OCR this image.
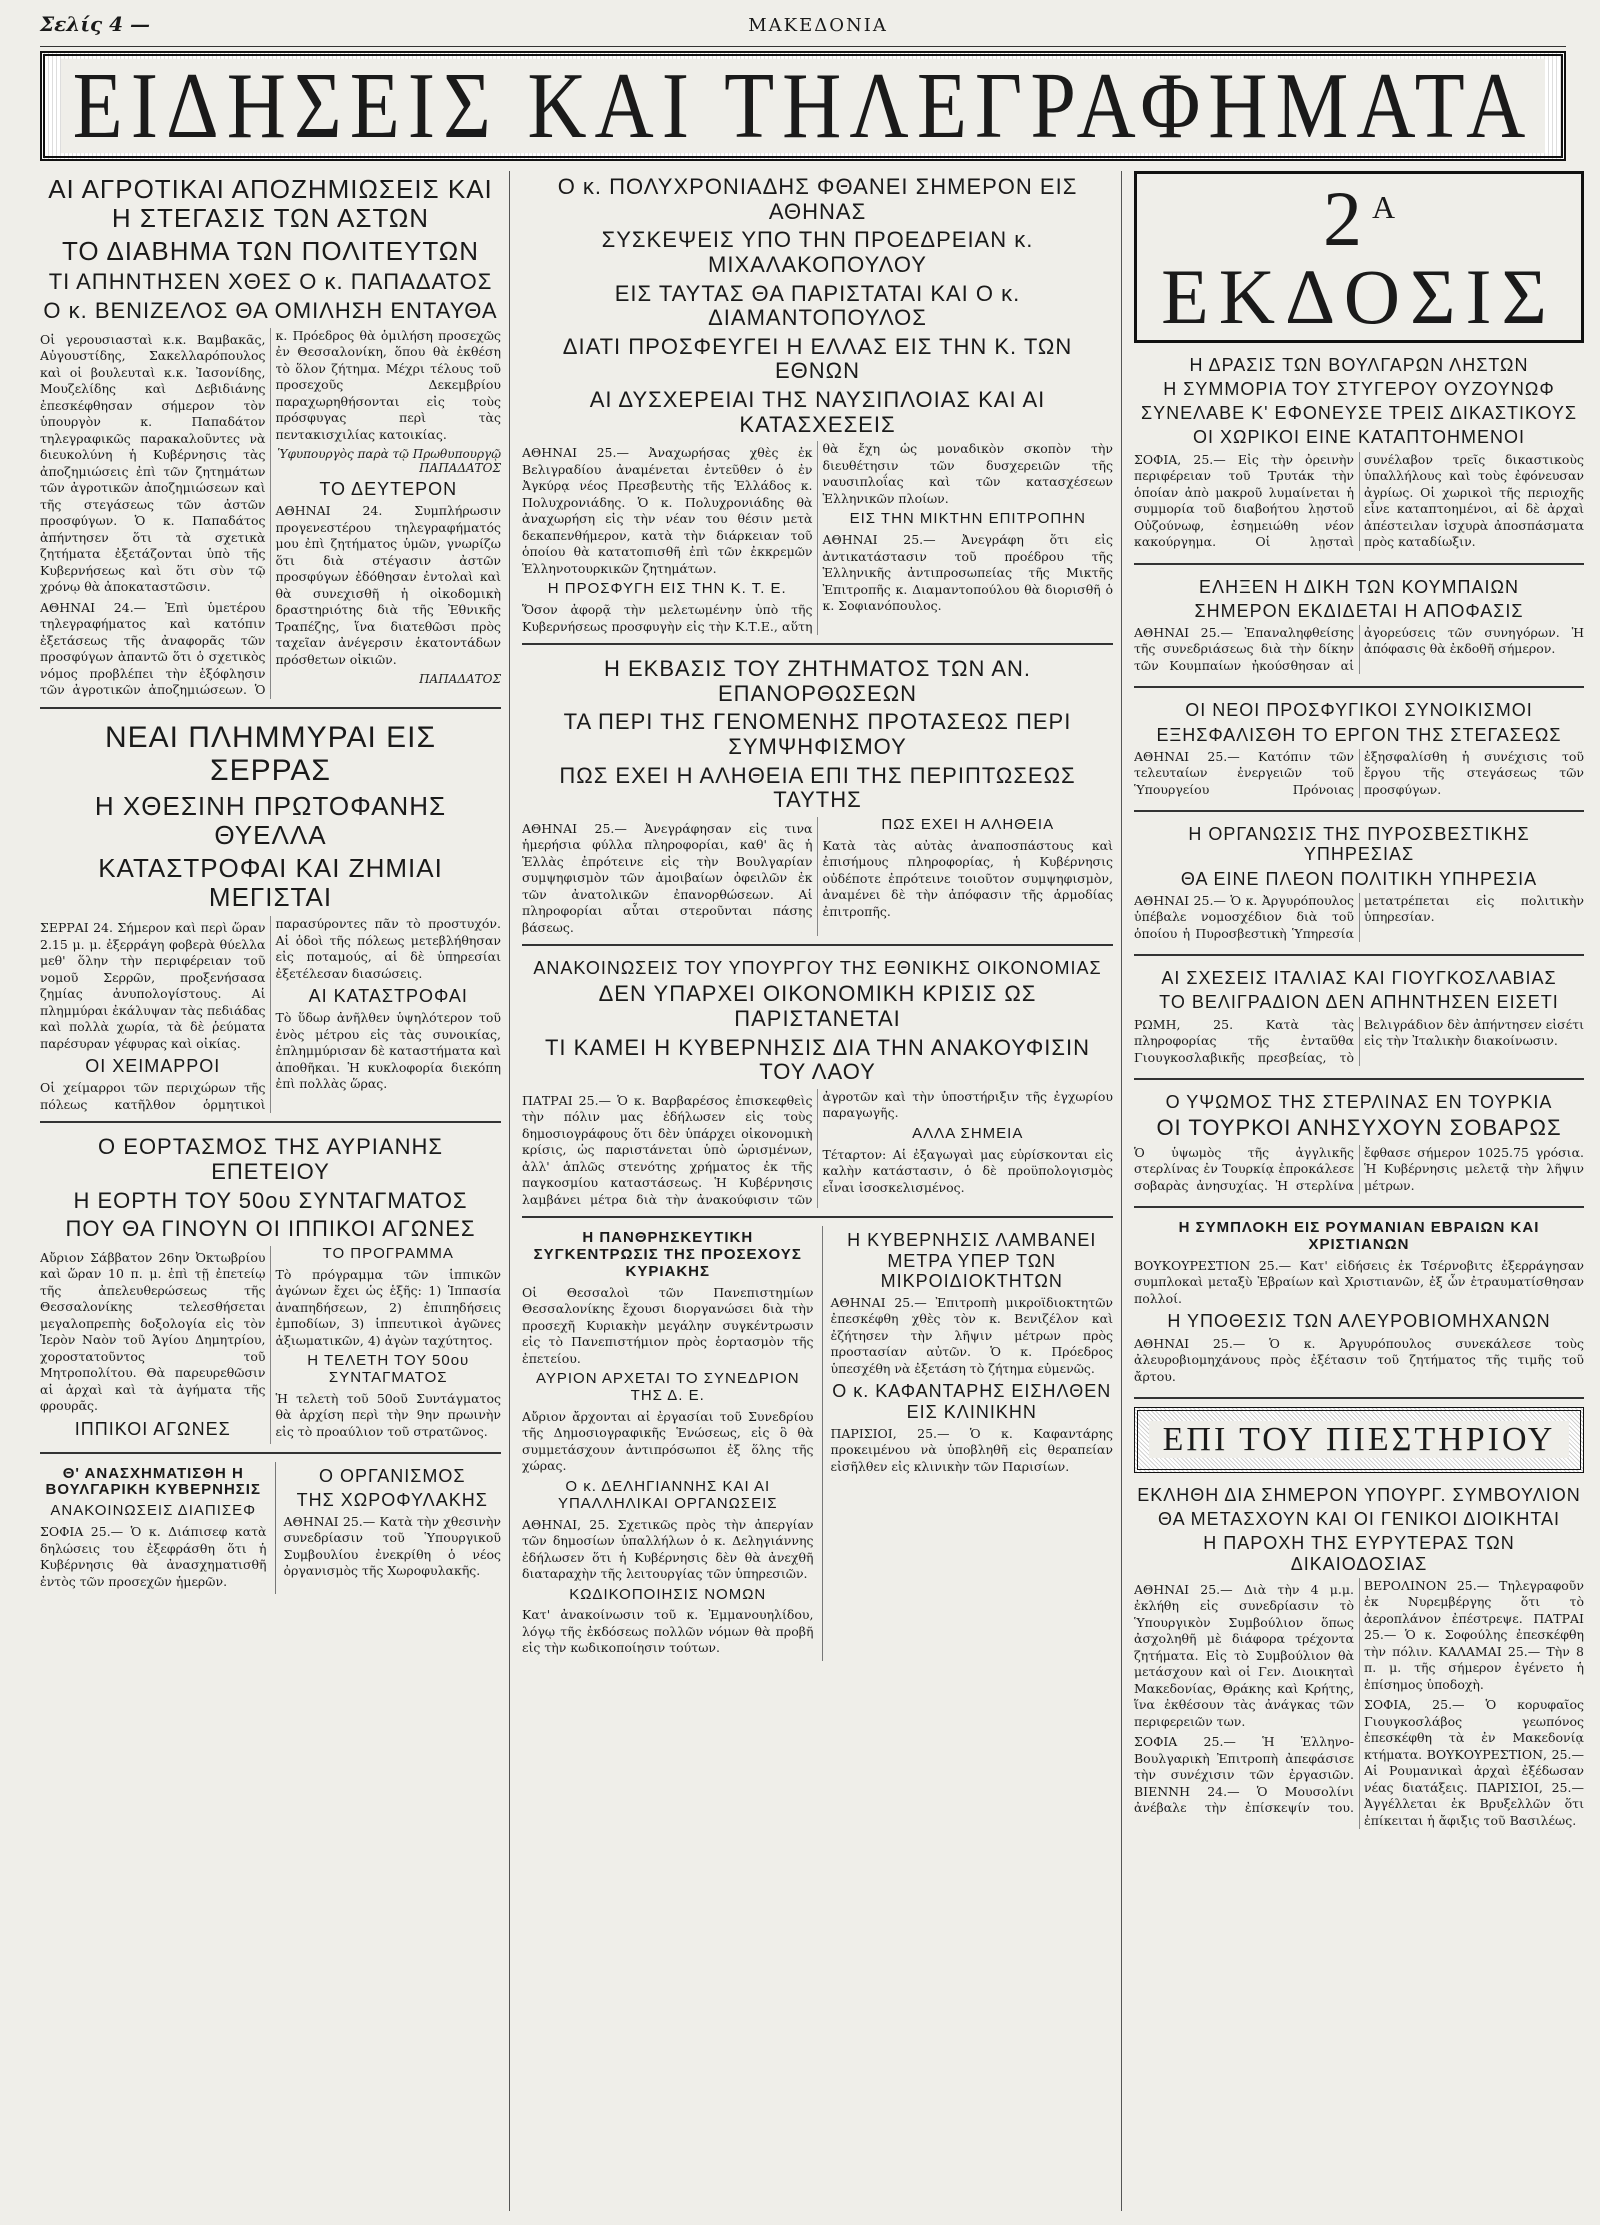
Σελίς 4 —	ΜΑΚΕΔΟΝΙΑ
ΕΙΔΗΣΕΙΣ ΚΑΙ ΤΗΛΕΓΡΑΦΗΜΑΤΑ
ΑΙ ΑΓΡΟΤΙΚΑΙ ΑΠΟΖΗΜΙΩΣΕΙΣ ΚΑΙ Η ΣΤΕΓΑΣΙΣ ΤΩΝ ΑΣΤΩΝ
ΤΟ ΔΙΑΒΗΜΑ ΤΩΝ ΠΟΛΙΤΕΥΤΩΝ
ΤΙ ΑΠΗΝΤΗΣΕΝ ΧΘΕΣ Ο κ. ΠΑΠΑΔΑΤΟΣ
Ο κ. ΒΕΝΙΖΕΛΟΣ ΘΑ ΟΜΙΛΗΣΗ ΕΝΤΑΥΘΑ

Οἱ γερουσιασταὶ κ.κ. Βαμβακᾶς, Αὐγουστίδης, Σακελλαρόπουλος καὶ οἱ βουλευταὶ κ.κ. Ἰασονίδης, Μουζελίδης καὶ Δεβιδιάνης ἐπεσκέφθησαν σήμερον τὸν ὑπουργὸν κ. Παπαδάτον τηλεγραφικῶς παρακαλοῦντες νὰ διευκολύνη ἡ Κυβέρνησις τὰς ἀποζημιώσεις ἐπὶ τῶν ζητημάτων τῶν ἀγροτικῶν ἀποζημιώσεων καὶ τῆς στεγάσεως τῶν ἀστῶν προσφύγων. Ὁ κ. Παπαδάτος ἀπήντησεν ὅτι τὰ σχετικὰ ζητήματα ἐξετάζονται ὑπὸ τῆς Κυβερνήσεως καὶ ὅτι σὺν τῷ χρόνῳ θὰ ἀποκαταστῶσιν.

ΑΘΗΝΑΙ 24.— Ἐπὶ ὑμετέρου τηλεγραφήματος καὶ κατόπιν ἐξετάσεως τῆς ἀναφορᾶς τῶν προσφύγων ἀπαντῶ ὅτι ὁ σχετικὸς νόμος προβλέπει τὴν ἐξόφλησιν τῶν ἀγροτικῶν ἀποζημιώσεων. Ὁ κ. Πρόεδρος θὰ ὁμιλήση προσεχῶς ἐν Θεσσαλονίκη, ὅπου θὰ ἐκθέση τὸ ὅλον ζήτημα. Μέχρι τέλους τοῦ προσεχοῦς Δεκεμβρίου παραχωρηθήσονται εἰς τοὺς πρόσφυγας περὶ τὰς πεντακισχιλίας κατοικίας.

Ὑφυπουργὸς παρὰ τῷ Πρωθυπουργῷ ΠΑΠΑΔΑΤΟΣ

ΤΟ ΔΕΥΤΕΡΟΝ

ΑΘΗΝΑΙ 24. Συμπλήρωσιν προγενεστέρου τηλεγραφήματός μου ἐπὶ ζητήματος ὑμῶν, γνωρίζω ὅτι διὰ στέγασιν ἀστῶν προσφύγων ἐδόθησαν ἐντολαὶ καὶ θὰ συνεχισθῆ ἡ οἰκοδομικὴ δραστηριότης διὰ τῆς Ἐθνικῆς Τραπέζης, ἵνα διατεθῶσι πρὸς ταχεῖαν ἀνέγερσιν ἑκατοντάδων πρόσθετων οἰκιῶν.

ΠΑΠΑΔΑΤΟΣ

ΝΕΑΙ ΠΛΗΜΜΥΡΑΙ ΕΙΣ ΣΕΡΡΑΣ
Η ΧΘΕΣΙΝΗ ΠΡΩΤΟΦΑΝΗΣ ΘΥΕΛΛΑ
ΚΑΤΑΣΤΡΟΦΑΙ ΚΑΙ ΖΗΜΙΑΙ ΜΕΓΙΣΤΑΙ

ΣΕΡΡΑΙ 24. Σήμερον καὶ περὶ ὥραν 2.15 μ. μ. ἐξερράγη φοβερὰ θύελλα μεθ' ὅλην τὴν περιφέρειαν τοῦ νομοῦ Σερρῶν, προξενήσασα ζημίας ἀνυπολογίστους. Αἱ πλημμύραι ἐκάλυψαν τὰς πεδιάδας καὶ πολλὰ χωρία, τὰ δὲ ῥεύματα παρέσυραν γέφυρας καὶ οἰκίας.

ΟΙ ΧΕΙΜΑΡΡΟΙ

Οἱ χείμαρροι τῶν περιχώρων τῆς πόλεως κατῆλθον ὁρμητικοὶ παρασύροντες πᾶν τὸ προστυχόν. Αἱ ὁδοὶ τῆς πόλεως μετεβλήθησαν εἰς ποταμούς, αἱ δὲ ὑπηρεσίαι ἐξετέλεσαν διασώσεις.

ΑΙ ΚΑΤΑΣΤΡΟΦΑΙ

Τὸ ὕδωρ ἀνῆλθεν ὑψηλότερον τοῦ ἑνὸς μέτρου εἰς τὰς συνοικίας, ἐπλημμύρισαν δὲ καταστήματα καὶ ἀποθῆκαι. Ἡ κυκλοφορία διεκόπη ἐπὶ πολλὰς ὥρας.

Ο ΕΟΡΤΑΣΜΟΣ ΤΗΣ ΑΥΡΙΑΝΗΣ ΕΠΕΤΕΙΟΥ
Η ΕΟΡΤΗ ΤΟΥ 50ου ΣΥΝΤΑΓΜΑΤΟΣ
ΠΟΥ ΘΑ ΓΙΝΟΥΝ ΟΙ ΙΠΠΙΚΟΙ ΑΓΩΝΕΣ

Αὔριον Σάββατον 26ην Ὀκτωβρίου καὶ ὥραν 10 π. μ. ἐπὶ τῇ ἐπετείῳ τῆς ἀπελευθερώσεως τῆς Θεσσαλονίκης τελεσθήσεται μεγαλοπρεπὴς δοξολογία εἰς τὸν Ἱερὸν Ναὸν τοῦ Ἁγίου Δημητρίου, χοροστατοῦντος τοῦ Μητροπολίτου. Θὰ παρευρεθῶσιν αἱ ἀρχαὶ καὶ τὰ ἀγήματα τῆς φρουρᾶς.

ΙΠΠΙΚΟΙ ΑΓΩΝΕΣ
ΤΟ ΠΡΟΓΡΑΜΜΑ

Τὸ πρόγραμμα τῶν ἱππικῶν ἀγώνων ἔχει ὡς ἑξῆς: 1) Ἱππασία ἀναπηδήσεων, 2) ἐπιπηδήσεις ἐμποδίων, 3) ἱππευτικοὶ ἀγῶνες ἀξιωματικῶν, 4) ἀγὼν ταχύτητος.

Η ΤΕΛΕΤΗ ΤΟΥ 50ου ΣΥΝΤΑΓΜΑΤΟΣ

Ἡ τελετὴ τοῦ 50οῦ Συντάγματος θὰ ἀρχίση περὶ τὴν 9ην πρωινὴν εἰς τὸ προαύλιον τοῦ στρατῶνος.

Θ' ΑΝΑΣΧΗΜΑΤΙΣΘΗ Η ΒΟΥΛΓΑΡΙΚΗ ΚΥΒΕΡΝΗΣΙΣ
ΑΝΑΚΟΙΝΩΣΕΙΣ ΔΙΑΠΙΣΕΦ

ΣΟΦΙΑ 25.— Ὁ κ. Διάπισεφ κατὰ δηλώσεις του ἐξεφράσθη ὅτι ἡ Κυβέρνησις θὰ ἀνασχηματισθῆ ἐντὸς τῶν προσεχῶν ἡμερῶν.

Ο ΟΡΓΑΝΙΣΜΟΣ
ΤΗΣ ΧΩΡΟΦΥΛΑΚΗΣ

ΑΘΗΝΑΙ 25.— Κατὰ τὴν χθεσινὴν συνεδρίασιν τοῦ Ὑπουργικοῦ Συμβουλίου ἐνεκρίθη ὁ νέος ὀργανισμὸς τῆς Χωροφυλακῆς.

Ο κ. ΠΟΛΥΧΡΟΝΙΑΔΗΣ ΦΘΑΝΕΙ ΣΗΜΕΡΟΝ ΕΙΣ ΑΘΗΝΑΣ
ΣΥΣΚΕΨΕΙΣ ΥΠΟ ΤΗΝ ΠΡΟΕΔΡΕΙΑΝ κ. ΜΙΧΑΛΑΚΟΠΟΥΛΟΥ
ΕΙΣ ΤΑΥΤΑΣ ΘΑ ΠΑΡΙΣΤΑΤΑΙ ΚΑΙ Ο κ. ΔΙΑΜΑΝΤΟΠΟΥΛΟΣ
ΔΙΑΤΙ ΠΡΟΣΦΕΥΓΕΙ Η ΕΛΛΑΣ ΕΙΣ ΤΗΝ Κ. ΤΩΝ ΕΘΝΩΝ
ΑΙ ΔΥΣΧΕΡΕΙΑΙ ΤΗΣ ΝΑΥΣΙΠΛΟΙΑΣ ΚΑΙ ΑΙ ΚΑΤΑΣΧΕΣΕΙΣ

ΑΘΗΝΑΙ 25.— Ἀναχωρήσας χθὲς ἐκ Βελιγραδίου ἀναμένεται ἐντεῦθεν ὁ ἐν Ἀγκύρᾳ νέος Πρεσβευτὴς τῆς Ἑλλάδος κ. Πολυχρονιάδης. Ὁ κ. Πολυχρονιάδης θὰ ἀναχωρήση εἰς τὴν νέαν του θέσιν μετὰ δεκαπενθήμερον, κατὰ τὴν διάρκειαν τοῦ ὁποίου θὰ κατατοπισθῆ ἐπὶ τῶν ἐκκρεμῶν Ἑλληνοτουρκικῶν ζητημάτων.

Η ΠΡΟΣΦΥΓΗ ΕΙΣ ΤΗΝ Κ. Τ. Ε.

Ὅσον ἀφορᾷ τὴν μελετωμένην ὑπὸ τῆς Κυβερνήσεως προσφυγὴν εἰς τὴν Κ.Τ.Ε., αὕτη θὰ ἔχη ὡς μοναδικὸν σκοπὸν τὴν διευθέτησιν τῶν δυσχερειῶν τῆς ναυσιπλοΐας καὶ τῶν κατασχέσεων Ἑλληνικῶν πλοίων.

ΕΙΣ ΤΗΝ ΜΙΚΤΗΝ ΕΠΙΤΡΟΠΗΝ

ΑΘΗΝΑΙ 25.— Ἀνεγράφη ὅτι εἰς ἀντικατάστασιν τοῦ προέδρου τῆς Ἑλληνικῆς ἀντιπροσωπείας τῆς Μικτῆς Ἐπιτροπῆς κ. Διαμαντοπούλου θὰ διορισθῆ ὁ κ. Σοφιανόπουλος.

Η ΕΚΒΑΣΙΣ ΤΟΥ ΖΗΤΗΜΑΤΟΣ ΤΩΝ ΑΝ. ΕΠΑΝΟΡΘΩΣΕΩΝ
ΤΑ ΠΕΡΙ ΤΗΣ ΓΕΝΟΜΕΝΗΣ ΠΡΟΤΑΣΕΩΣ ΠΕΡΙ ΣΥΜΨΗΦΙΣΜΟΥ
ΠΩΣ ΕΧΕΙ Η ΑΛΗΘΕΙΑ ΕΠΙ ΤΗΣ ΠΕΡΙΠΤΩΣΕΩΣ ΤΑΥΤΗΣ

ΑΘΗΝΑΙ 25.— Ἀνεγράφησαν εἰς τινα ἡμερήσια φύλλα πληροφορίαι, καθ' ἃς ἡ Ἑλλὰς ἐπρότεινε εἰς τὴν Βουλγαρίαν συμψηφισμὸν τῶν ἀμοιβαίων ὀφειλῶν ἐκ τῶν ἀνατολικῶν ἐπανορθώσεων. Αἱ πληροφορίαι αὗται στεροῦνται πάσης βάσεως.

ΠΩΣ ΕΧΕΙ Η ΑΛΗΘΕΙΑ

Κατὰ τὰς αὐτὰς ἀναποσπάστους καὶ ἐπισήμους πληροφορίας, ἡ Κυβέρνησις οὐδέποτε ἐπρότεινε τοιοῦτον συμψηφισμὸν, ἀναμένει δὲ τὴν ἀπόφασιν τῆς ἁρμοδίας ἐπιτροπῆς.

ΑΝΑΚΟΙΝΩΣΕΙΣ ΤΟΥ ΥΠΟΥΡΓΟΥ ΤΗΣ ΕΘΝΙΚΗΣ ΟΙΚΟΝΟΜΙΑΣ
ΔΕΝ ΥΠΑΡΧΕΙ ΟΙΚΟΝΟΜΙΚΗ ΚΡΙΣΙΣ ΩΣ ΠΑΡΙΣΤΑΝΕΤΑΙ
ΤΙ ΚΑΜΕΙ Η ΚΥΒΕΡΝΗΣΙΣ ΔΙΑ ΤΗΝ ΑΝΑΚΟΥΦΙΣΙΝ ΤΟΥ ΛΑΟΥ

ΠΑΤΡΑΙ 25.— Ὁ κ. Βαρβαρέσος ἐπισκεφθεὶς τὴν πόλιν μας ἐδήλωσεν εἰς τοὺς δημοσιογράφους ὅτι δὲν ὑπάρχει οἰκονομικὴ κρίσις, ὡς παριστάνεται ὑπὸ ὡρισμένων, ἀλλ' ἁπλῶς στενότης χρήματος ἐκ τῆς παγκοσμίου καταστάσεως. Ἡ Κυβέρνησις λαμβάνει μέτρα διὰ τὴν ἀνακούφισιν τῶν ἀγροτῶν καὶ τὴν ὑποστήριξιν τῆς ἐγχωρίου παραγωγῆς.

ΑΛΛΑ ΣΗΜΕΙΑ

Τέταρτον: Αἱ ἐξαγωγαὶ μας εὑρίσκονται εἰς καλὴν κατάστασιν, ὁ δὲ προϋπολογισμὸς εἶναι ἰσοσκελισμένος.

Η ΠΑΝΘΡΗΣΚΕΥΤΙΚΗ ΣΥΓΚΕΝΤΡΩΣΙΣ ΤΗΣ ΠΡΟΣΕΧΟΥΣ ΚΥΡΙΑΚΗΣ

Οἱ Θεσσαλοὶ τῶν Πανεπιστημίων Θεσσαλονίκης ἔχουσι διοργανώσει διὰ τὴν προσεχῆ Κυριακὴν μεγάλην συγκέντρωσιν εἰς τὸ Πανεπιστήμιον πρὸς ἑορτασμὸν τῆς ἐπετείου.

ΑΥΡΙΟΝ ΑΡΧΕΤΑΙ ΤΟ ΣΥΝΕΔΡΙΟΝ ΤΗΣ Δ. Ε.

Αὔριον ἄρχονται αἱ ἐργασίαι τοῦ Συνεδρίου τῆς Δημοσιογραφικῆς Ἑνώσεως, εἰς ὃ θὰ συμμετάσχουν ἀντιπρόσωποι ἐξ ὅλης τῆς χώρας.

Ο κ. ΔΕΛΗΓΙΑΝΝΗΣ ΚΑΙ ΑΙ ΥΠΑΛΛΗΛΙΚΑΙ ΟΡΓΑΝΩΣΕΙΣ

ΑΘΗΝΑΙ, 25. Σχετικῶς πρὸς τὴν ἀπεργίαν τῶν δημοσίων ὑπαλλήλων ὁ κ. Δεληγιάννης ἐδήλωσεν ὅτι ἡ Κυβέρνησις δὲν θὰ ἀνεχθῆ διαταραχὴν τῆς λειτουργίας τῶν ὑπηρεσιῶν.

ΚΩΔΙΚΟΠΟΙΗΣΙΣ ΝΟΜΩΝ

Κατ' ἀνακοίνωσιν τοῦ κ. Ἐμμανουηλίδου, λόγῳ τῆς ἐκδόσεως πολλῶν νόμων θὰ προβῆ εἰς τὴν κωδικοποίησιν τούτων.

Η ΚΥΒΕΡΝΗΣΙΣ ΛΑΜΒΑΝΕΙ ΜΕΤΡΑ ΥΠΕΡ ΤΩΝ ΜΙΚΡΟΙΔΙΟΚΤΗΤΩΝ

ΑΘΗΝΑΙ 25.— Ἐπιτροπὴ μικροϊδιοκτητῶν ἐπεσκέφθη χθὲς τὸν κ. Βενιζέλον καὶ ἐζήτησεν τὴν λῆψιν μέτρων πρὸς προστασίαν αὐτῶν. Ὁ κ. Πρόεδρος ὑπεσχέθη νὰ ἐξετάση τὸ ζήτημα εὐμενῶς.

Ο κ. ΚΑΦΑΝΤΑΡΗΣ ΕΙΣΗΛΘΕΝ ΕΙΣ ΚΛΙΝΙΚΗΝ

ΠΑΡΙΣΙΟΙ, 25.— Ὁ κ. Καφαντάρης προκειμένου νὰ ὑποβληθῆ εἰς θεραπείαν εἰσῆλθεν εἰς κλινικὴν τῶν Παρισίων.

$2^A$ ΕΚΔΟΣΙΣ
Η ΔΡΑΣΙΣ ΤΩΝ ΒΟΥΛΓΑΡΩΝ ΛΗΣΤΩΝ
Η ΣΥΜΜΟΡΙΑ ΤΟΥ ΣΤΥΓΕΡΟΥ ΟΥΖΟΥΝΩΦ
ΣΥΝΕΛΑΒΕ Κ' ΕΦΟΝΕΥΣΕ ΤΡΕΙΣ ΔΙΚΑΣΤΙΚΟΥΣ
ΟΙ ΧΩΡΙΚΟΙ ΕΙΝΕ ΚΑΤΑΠΤΟΗΜΕΝΟΙ

ΣΟΦΙΑ, 25.— Εἰς τὴν ὀρεινὴν περιφέρειαν τοῦ Τρυτάκ τὴν ὁποίαν ἀπὸ μακροῦ λυμαίνεται ἡ συμμορία τοῦ διαβοήτου λῃστοῦ Οὐζούνωφ, ἐσημειώθη νέον κακούργημα. Οἱ λῃσταὶ συνέλαβον τρεῖς δικαστικοὺς ὑπαλλήλους καὶ τοὺς ἐφόνευσαν ἀγρίως. Οἱ χωρικοὶ τῆς περιοχῆς εἶνε καταπτοημένοι, αἱ δὲ ἀρχαὶ ἀπέστειλαν ἰσχυρὰ ἀποσπάσματα πρὸς καταδίωξιν.

ΕΛΗΞΕΝ Η ΔΙΚΗ ΤΩΝ ΚΟΥΜΠΑΙΩΝ
ΣΗΜΕΡΟΝ ΕΚΔΙΔΕΤΑΙ Η ΑΠΟΦΑΣΙΣ

ΑΘΗΝΑΙ 25.— Ἐπαναληφθείσης τῆς συνεδριάσεως διὰ τὴν δίκην τῶν Κουμπαίων ἠκούσθησαν αἱ ἀγορεύσεις τῶν συνηγόρων. Ἡ ἀπόφασις θὰ ἐκδοθῆ σήμερον.

ΟΙ ΝΕΟΙ ΠΡΟΣΦΥΓΙΚΟΙ ΣΥΝΟΙΚΙΣΜΟΙ
ΕΞΗΣΦΑΛΙΣΘΗ ΤΟ ΕΡΓΟΝ ΤΗΣ ΣΤΕΓΑΣΕΩΣ

ΑΘΗΝΑΙ 25.— Κατόπιν τῶν τελευταίων ἐνεργειῶν τοῦ Ὑπουργείου Πρόνοιας ἐξησφαλίσθη ἡ συνέχισις τοῦ ἔργου τῆς στεγάσεως τῶν προσφύγων.

Η ΟΡΓΑΝΩΣΙΣ ΤΗΣ ΠΥΡΟΣΒΕΣΤΙΚΗΣ ΥΠΗΡΕΣΙΑΣ
ΘΑ ΕΙΝΕ ΠΛΕΟΝ ΠΟΛΙΤΙΚΗ ΥΠΗΡΕΣΙΑ

ΑΘΗΝΑΙ 25.— Ὁ κ. Ἀργυρόπουλος ὑπέβαλε νομοσχέδιον διὰ τοῦ ὁποίου ἡ Πυροσβεστικὴ Ὑπηρεσία μετατρέπεται εἰς πολιτικὴν ὑπηρεσίαν.

ΑΙ ΣΧΕΣΕΙΣ ΙΤΑΛΙΑΣ ΚΑΙ ΓΙΟΥΓΚΟΣΛΑΒΙΑΣ
ΤΟ ΒΕΛΙΓΡΑΔΙΟΝ ΔΕΝ ΑΠΗΝΤΗΣΕΝ ΕΙΣΕΤΙ

ΡΩΜΗ, 25. Κατὰ τὰς πληροφορίας τῆς ἐνταῦθα Γιουγκοσλαβικῆς πρεσβείας, τὸ Βελιγράδιον δὲν ἀπήντησεν εἰσέτι εἰς τὴν Ἰταλικὴν διακοίνωσιν.

Ο ΥΨΩΜΟΣ ΤΗΣ ΣΤΕΡΛΙΝΑΣ ΕΝ ΤΟΥΡΚΙΑ
ΟΙ ΤΟΥΡΚΟΙ ΑΝΗΣΥΧΟΥΝ ΣΟΒΑΡΩΣ

Ὁ ὑψωμὸς τῆς ἀγγλικῆς στερλίνας ἐν Τουρκίᾳ ἐπροκάλεσε σοβαρὰς ἀνησυχίας. Ἡ στερλίνα ἔφθασε σήμερον 1025.75 γρόσια. Ἡ Κυβέρνησις μελετᾷ τὴν λῆψιν μέτρων.

Η ΣΥΜΠΛΟΚΗ ΕΙΣ ΡΟΥΜΑΝΙΑΝ ΕΒΡΑΙΩΝ ΚΑΙ ΧΡΙΣΤΙΑΝΩΝ

ΒΟΥΚΟΥΡΕΣΤΙΟΝ 25.— Κατ' εἰδήσεις ἐκ Τσέρνοβιτς ἐξερράγησαν συμπλοκαὶ μεταξὺ Ἑβραίων καὶ Χριστιανῶν, ἐξ ὧν ἐτραυματίσθησαν πολλοί.

Η ΥΠΟΘΕΣΙΣ ΤΩΝ ΑΛΕΥΡΟΒΙΟΜΗΧΑΝΩΝ

ΑΘΗΝΑΙ 25.— Ὁ κ. Ἀργυρόπουλος συνεκάλεσε τοὺς ἀλευροβιομηχάνους πρὸς ἐξέτασιν τοῦ ζητήματος τῆς τιμῆς τοῦ ἄρτου.

ΕΠΙ ΤΟΥ ΠΙΕΣΤΗΡΙΟΥ
ΕΚΛΗΘΗ ΔΙΑ ΣΗΜΕΡΟΝ ΥΠΟΥΡΓ. ΣΥΜΒΟΥΛΙΟΝ
ΘΑ ΜΕΤΑΣΧΟΥΝ ΚΑΙ ΟΙ ΓΕΝΙΚΟΙ ΔΙΟΙΚΗΤΑΙ
Η ΠΑΡΟΧΗ ΤΗΣ ΕΥΡΥΤΕΡΑΣ ΤΩΝ ΔΙΚΑΙΟΔΟΣΙΑΣ

ΑΘΗΝΑΙ 25.— Διὰ τὴν 4 μ.μ. ἐκλήθη εἰς συνεδρίασιν τὸ Ὑπουργικὸν Συμβούλιον ὅπως ἀσχοληθῆ μὲ διάφορα τρέχοντα ζητήματα. Εἰς τὸ Συμβούλιον θὰ μετάσχουν καὶ οἱ Γεν. Διοικηταὶ Μακεδονίας, Θράκης καὶ Κρήτης, ἵνα ἐκθέσουν τὰς ἀνάγκας τῶν περιφερειῶν των.

ΣΟΦΙΑ 25.— Ἡ Ἑλληνο-Βουλγαρικὴ Ἐπιτροπὴ ἀπεφάσισε τὴν συνέχισιν τῶν ἐργασιῶν. ΒΙΕΝΝΗ 24.— Ὁ Μουσολίνι ἀνέβαλε τὴν ἐπίσκεψίν του. ΒΕΡΟΛΙΝΟΝ 25.— Τηλεγραφοῦν ἐκ Νυρεμβέργης ὅτι τὸ ἀεροπλάνον ἐπέστρεψε. ΠΑΤΡΑΙ 25.— Ὁ κ. Σοφούλης ἐπεσκέφθη τὴν πόλιν. ΚΑΛΑΜΑΙ 25.— Τὴν 8 π. μ. τῆς σήμερον ἐγένετο ἡ ἐπίσημος ὑποδοχὴ.

ΣΟΦΙΑ, 25.— Ὁ κορυφαῖος Γιουγκοσλάβος γεωπόνος ἐπεσκέφθη τὰ ἐν Μακεδονίᾳ κτήματα. ΒΟΥΚΟΥΡΕΣΤΙΟΝ, 25.— Αἱ Ρουμανικαὶ ἀρχαὶ ἐξέδωσαν νέας διατάξεις. ΠΑΡΙΣΙΟΙ, 25.— Ἀγγέλλεται ἐκ Βρυξελλῶν ὅτι ἐπίκειται ἡ ἄφιξις τοῦ Βασιλέως.
